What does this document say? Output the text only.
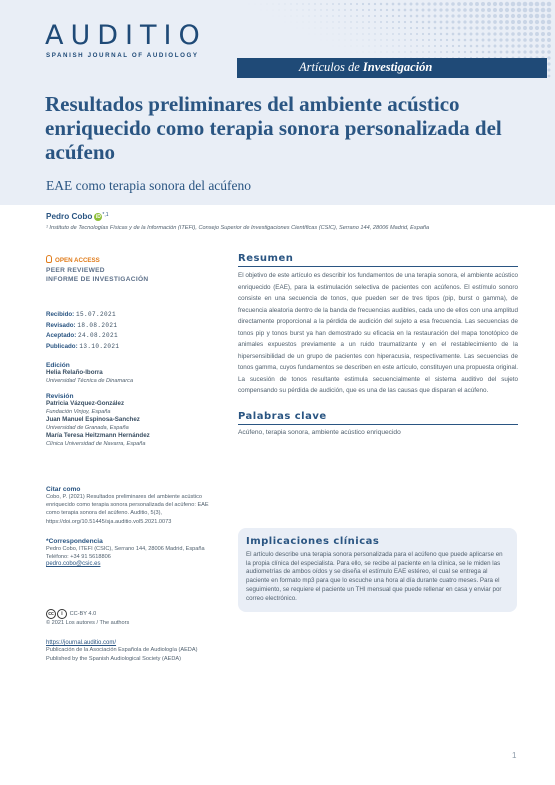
AUDITIO
SPANISH JOURNAL OF AUDIOLOGY
Artículos de Investigación
Resultados preliminares del ambiente acústico enriquecido como terapia sonora personalizada del acúfeno
EAE como terapia sonora del acúfeno
Pedro Cobo iD $^{*,1}$
¹ Instituto de Tecnologías Físicas y de la Información (ITEFI), Consejo Superior de Investigaciones Científicas (CSIC), Serrano 144, 28006 Madrid, España
OPEN ACCESS
PEER REVIEWED
INFORME DE INVESTIGACIÓN
Recibido: 15.07.2021
Revisado: 18.08.2021
Aceptado: 24.08.2021
Publicado: 13.10.2021
Edición
Helia Relaño-Iborra
Universidad Técnica de Dinamarca
Revisión
Patricia Vázquez-González
Fundación Vinjoy, España
Juan Manuel Espinosa-Sanchez
Universidad de Granada, España
María Teresa Heitzmann Hernández
Clínica Universidad de Navarra, España
Citar como
Cobo, P. (2021) Resultados preliminares del ambiente acústico enriquecido como terapia sonora personalizada del acúfeno: EAE como terapia sonora del acúfeno. Auditio, 5(3), https://doi.org/10.51445/sja.auditio.vol5.2021.0073
*Correspondencia
Pedro Cobo, ITEFI (CSIC), Serrano 144, 28006 Madrid, España
Teléfono: +34 91 5618806
pedro.cobo@csic.es
cc i CC-BY 4.0
© 2021 Los autores / The authors
https://journal.auditio.com/
Publicación de la Asociación Española de Audiología (AEDA)
Published by the Spanish Audiological Society (AEDA)
Resumen

El objetivo de este artículo es describir los fundamentos de una terapia sonora, el ambiente acústico enriquecido (EAE), para la estimulación selectiva de pacientes con acúfenos. El estímulo sonoro consiste en una secuencia de tonos, que pueden ser de tres tipos (pip, burst o gamma), de frecuencia aleatoria dentro de la banda de frecuencias audibles, cada uno de ellos con una amplitud directamente proporcional a la pérdida de audición del sujeto a esa frecuencia. Las secuencias de tonos pip y tonos burst ya han demostrado su eficacia en la restauración del mapa tonotópico de animales expuestos previamente a un ruido traumatizante y en el restablecimiento de la hipersensibilidad de un grupo de pacientes con hiperacusia, respectivamente. Las secuencias de tonos gamma, cuyos fundamentos se describen en este artículo, constituyen una propuesta original. La sucesión de tonos resultante estimula secuencialmente el sistema auditivo del sujeto compensando su pérdida de audición, que es una de las causas que disparan el acúfeno.

Palabras clave

Acúfeno, terapia sonora, ambiente acústico enriquecido

Implicaciones clínicas

El artículo describe una terapia sonora personalizada para el acúfeno que puede aplicarse en la propia clínica del especialista. Para ello, se recibe al paciente en la clínica, se le miden las audiometrías de ambos oídos y se diseña el estímulo EAE estéreo, el cual se entrega al paciente en formato mp3 para que lo escuche una hora al día durante cuatro meses. Para el seguimiento, se requiere el paciente un THI mensual que puede rellenar en casa y enviar por correo electrónico.

1
